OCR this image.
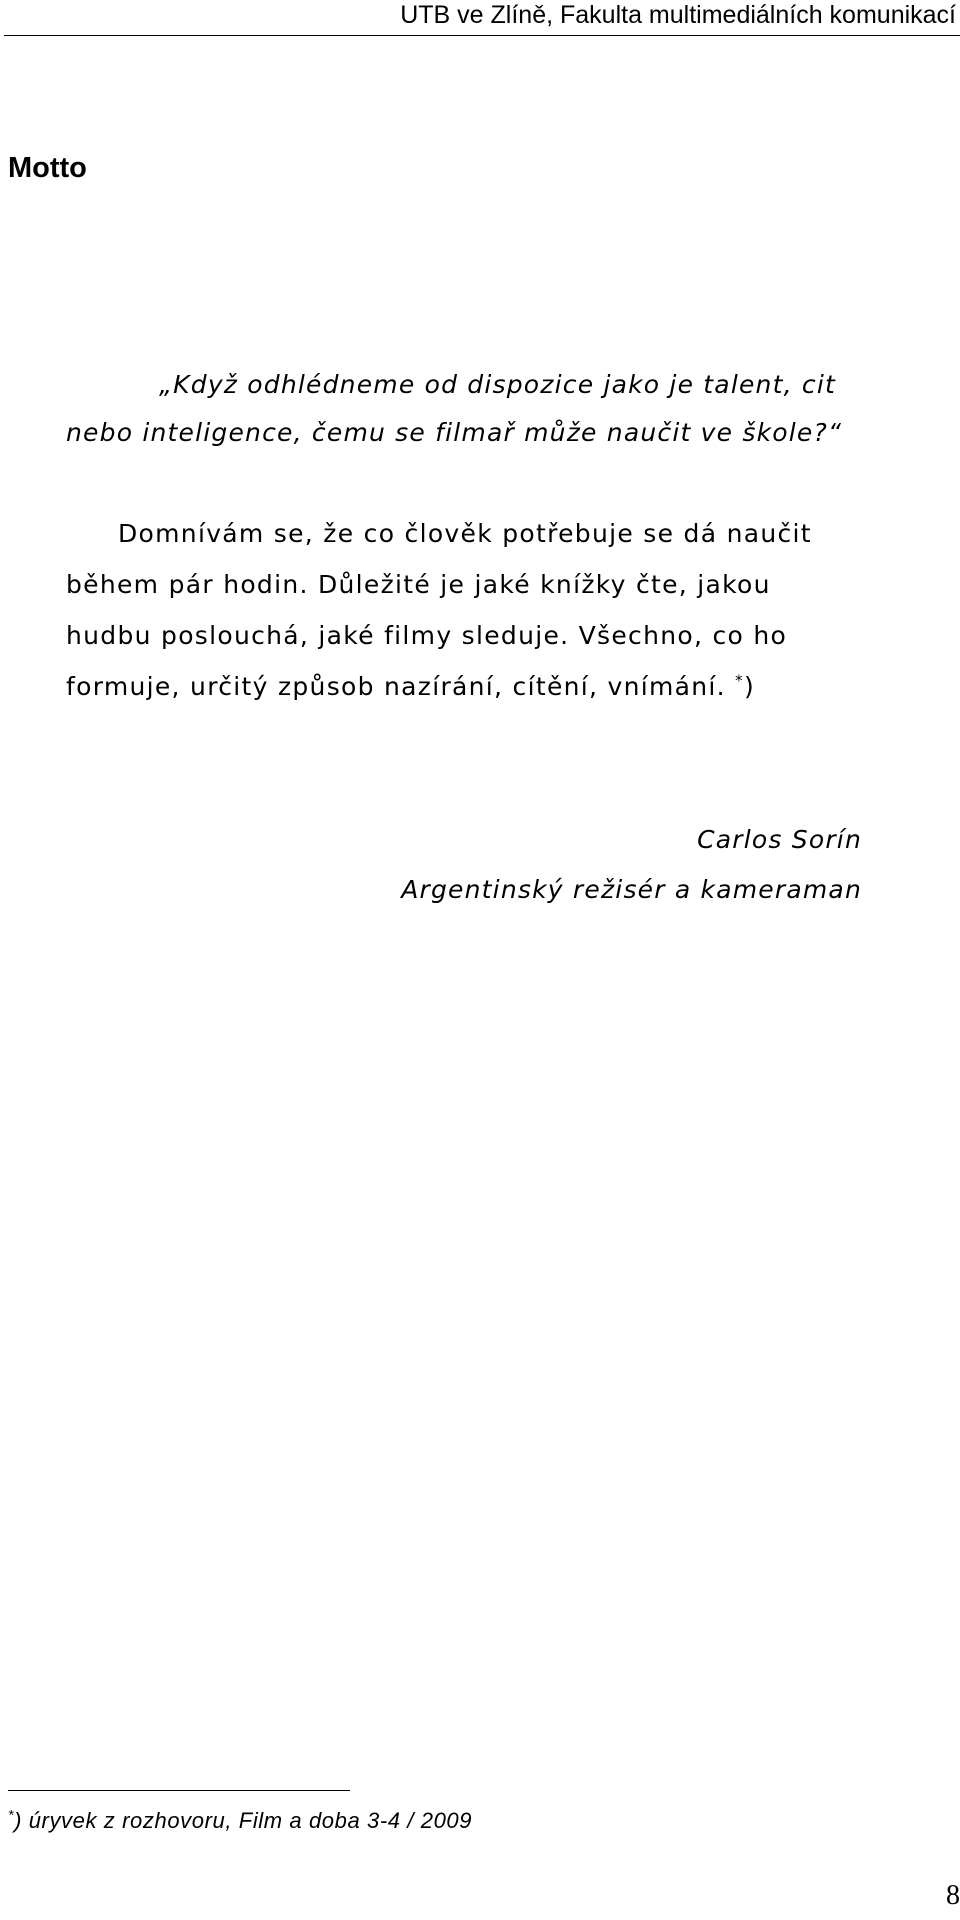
UTB ve Zlíně, Fakulta multimediálních komunikací
Motto

„Když odhlédneme od dispozice jako je talent, cit
nebo inteligence, čemu se filmař může naučit ve škole?“

Domnívám se, že co člověk potřebuje se dá naučit
během pár hodin. Důležité je jaké knížky čte, jakou
hudbu poslouchá, jaké filmy sleduje. Všechno, co ho
formuje, určitý způsob nazírání, cítění, vnímání. *)

Carlos Sorín
Argentinský režisér a kameraman

*) úryvek z rozhovoru, Film a doba 3-4 / 2009

8
